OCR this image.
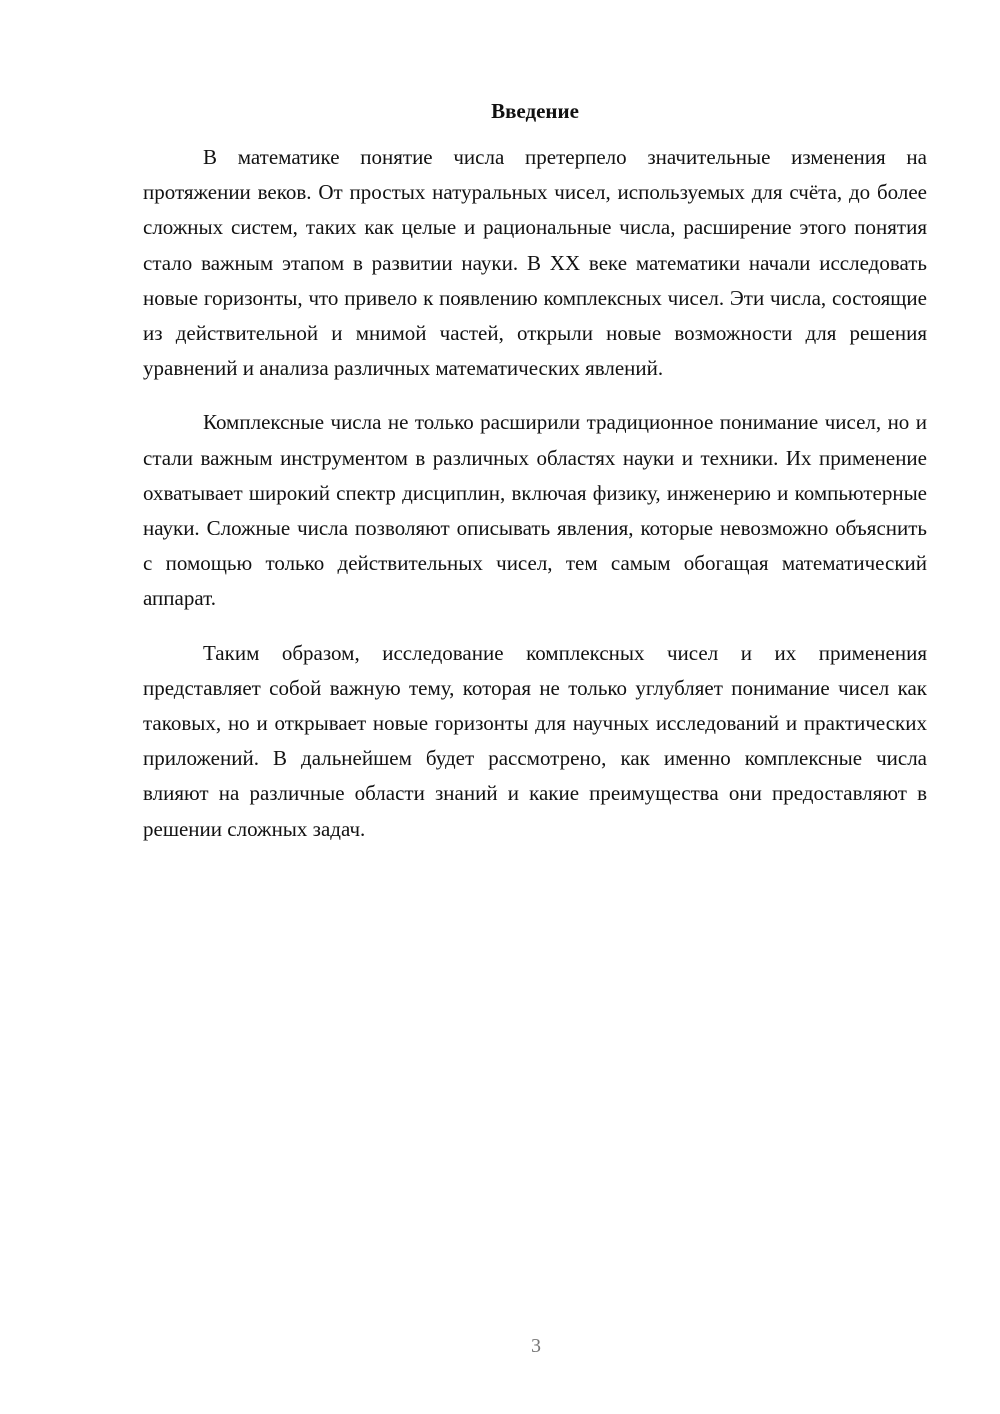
Введение

В математике понятие числа претерпело значительные изменения на протяжении веков. От простых натуральных чисел, используемых для счёта, до более сложных систем, таких как целые и рациональные числа, расширение этого понятия стало важным этапом в развитии науки. В XX веке математики начали исследовать новые горизонты, что привело к появлению комплексных чисел. Эти числа, состоящие из действительной и мнимой частей, открыли новые возможности для решения уравнений и анализа различных математических явлений.

Комплексные числа не только расширили традиционное понимание чисел, но и стали важным инструментом в различных областях науки и техники. Их применение охватывает широкий спектр дисциплин, включая физику, инженерию и компьютерные науки. Сложные числа позволяют описывать явления, которые невозможно объяснить с помощью только действительных чисел, тем самым обогащая математический аппарат.

Таким образом, исследование комплексных чисел и их применения представляет собой важную тему, которая не только углубляет понимание чисел как таковых, но и открывает новые горизонты для научных исследований и практических приложений. В дальнейшем будет рассмотрено, как именно комплексные числа влияют на различные области знаний и какие преимущества они предоставляют в решении сложных задач.

3
